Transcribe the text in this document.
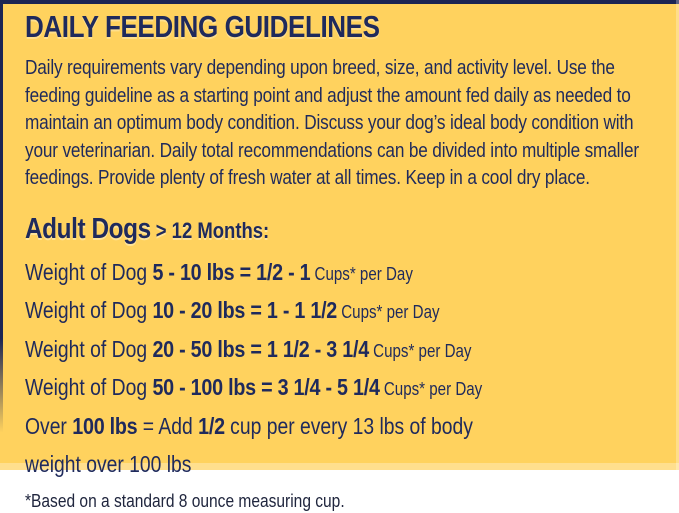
DAILY FEEDING GUIDELINES
Daily requirements vary depending upon breed, size, and activity level. Use the
feeding guideline as a starting point and adjust the amount fed daily as needed to
maintain an optimum body condition. Discuss your dog’s ideal body condition with
your veterinarian. Daily total recommendations can be divided into multiple smaller
feedings. Provide plenty of fresh water at all times. Keep in a cool dry place.
Adult Dogs > 12 Months:
Weight of Dog 5 - 10 lbs = 1/2 - 1 Cups* per Day
Weight of Dog 10 - 20 lbs = 1 - 1 1/2 Cups* per Day
Weight of Dog 20 - 50 lbs = 1 1/2 - 3 1/4 Cups* per Day
Weight of Dog 50 - 100 lbs = 3 1/4 - 5 1/4 Cups* per Day
Over 100 lbs = Add 1/2 cup per every 13 lbs of body
weight over 100 lbs
*Based on a standard 8 ounce measuring cup.
